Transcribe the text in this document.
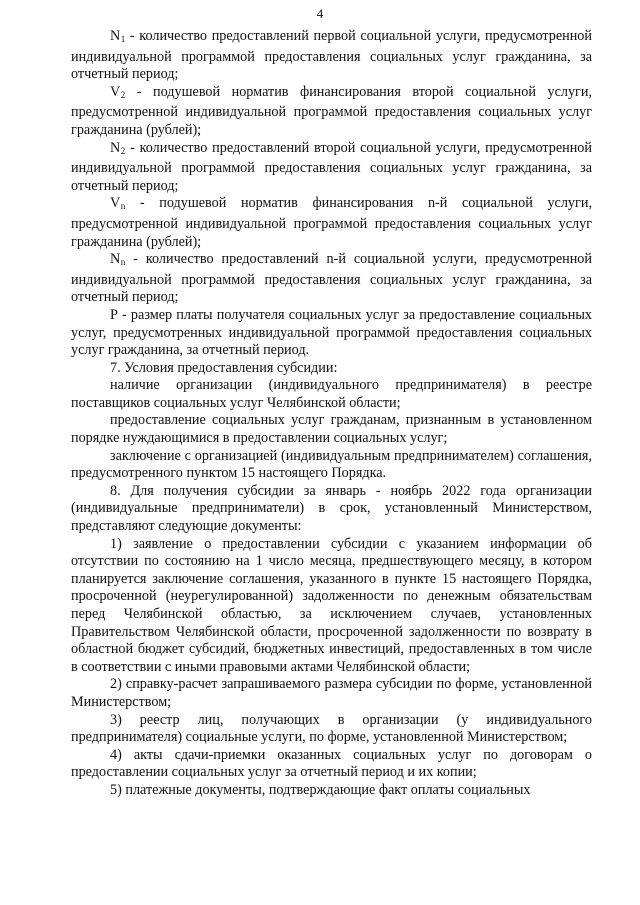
4

$N_1$ - количество предоставлений первой социальной услуги, предусмотренной индивидуальной программой предоставления социальных услуг гражданина, за отчетный период;

$V_2$ - подушевой норматив финансирования второй социальной услуги, предусмотренной индивидуальной программой предоставления социальных услуг гражданина (рублей);

$N_2$ - количество предоставлений второй социальной услуги, предусмотренной индивидуальной программой предоставления социальных услуг гражданина, за отчетный период;

$V_n$ - подушевой норматив финансирования n-й социальной услуги, предусмотренной индивидуальной программой предоставления социальных услуг гражданина (рублей);

$N_n$ - количество предоставлений n-й социальной услуги, предусмотренной индивидуальной программой предоставления социальных услуг гражданина, за отчетный период;

Р - размер платы получателя социальных услуг за предоставление социальных услуг, предусмотренных индивидуальной программой предоставления социальных услуг гражданина, за отчетный период.

7. Условия предоставления субсидии:

наличие организации (индивидуального предпринимателя) в реестре поставщиков социальных услуг Челябинской области;

предоставление социальных услуг гражданам, признанным в установленном порядке нуждающимися в предоставлении социальных услуг;

заключение с организацией (индивидуальным предпринимателем) соглашения, предусмотренного пунктом 15 настоящего Порядка.

8. Для получения субсидии за январь - ноябрь 2022 года организации (индивидуальные предприниматели) в срок, установленный Министерством, представляют следующие документы:

1) заявление о предоставлении субсидии с указанием информации об отсутствии по состоянию на 1 число месяца, предшествующего месяцу, в котором планируется заключение соглашения, указанного в пункте 15 настоящего Порядка, просроченной (неурегулированной) задолженности по денежным обязательствам перед Челябинской областью, за исключением случаев, установленных Правительством Челябинской области, просроченной задолженности по возврату в областной бюджет субсидий, бюджетных инвестиций, предоставленных в том числе в соответствии с иными правовыми актами Челябинской области;

2) справку-расчет запрашиваемого размера субсидии по форме, установленной Министерством;

3) реестр лиц, получающих в организации (у индивидуального предпринимателя) социальные услуги, по форме, установленной Министерством;

4) акты сдачи-приемки оказанных социальных услуг по договорам о предоставлении социальных услуг за отчетный период и их копии;

5) платежные документы, подтверждающие факт оплаты социальных
